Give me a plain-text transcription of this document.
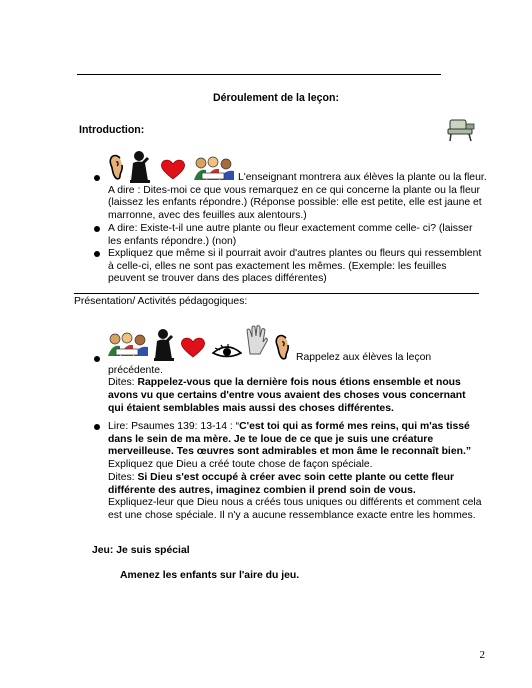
Déroulement de la leçon:
Introduction:
L'enseignant montrera aux élèves la plante ou la fleur.
A dire : Dites-moi ce que vous remarquez en ce qui concerne la plante ou la fleur
(laissez les enfants répondre.) (Réponse possible: elle est petite, elle est jaune et
marronne, avec des feuilles aux alentours.)
A dire: Existe-t-il une autre plante ou fleur exactement comme celle- ci? (laisser
les enfants répondre.) (non)
Expliquez que même si il pourrait avoir d'autres plantes ou fleurs qui ressemblent
à celle-ci, elles ne sont pas exactement les mêmes. (Exemple: les feuilles
peuvent se trouver dans des places différentes)
Présentation/ Activités pédagogiques:
Rappelez aux élèves la leçon
précédente.
Dites: Rappelez-vous que la dernière fois nous étions ensemble et nous
avons vu que certains d'entre vous avaient des choses vous concernant
qui étaient semblables mais aussi des choses différentes.
Lire: Psaumes 139: 13-14 : “C'est toi qui as formé mes reins, qui m'as tissé
dans le sein de ma mère. Je te loue de ce que je suis une créature
merveilleuse. Tes œuvres sont admirables et mon âme le reconnaît bien.”
Expliquez que Dieu a créé toute chose de façon spéciale.
Dites: Si Dieu s'est occupé à créer avec soin cette plante ou cette fleur
différente des autres, imaginez combien il prend soin de vous.
Expliquez-leur que Dieu nous a créés tous uniques ou différents et comment cela
est une chose spéciale. Il n'y a aucune ressemblance exacte entre les hommes.
Jeu: Je suis spécial
Amenez les enfants sur l'aire du jeu.
2
